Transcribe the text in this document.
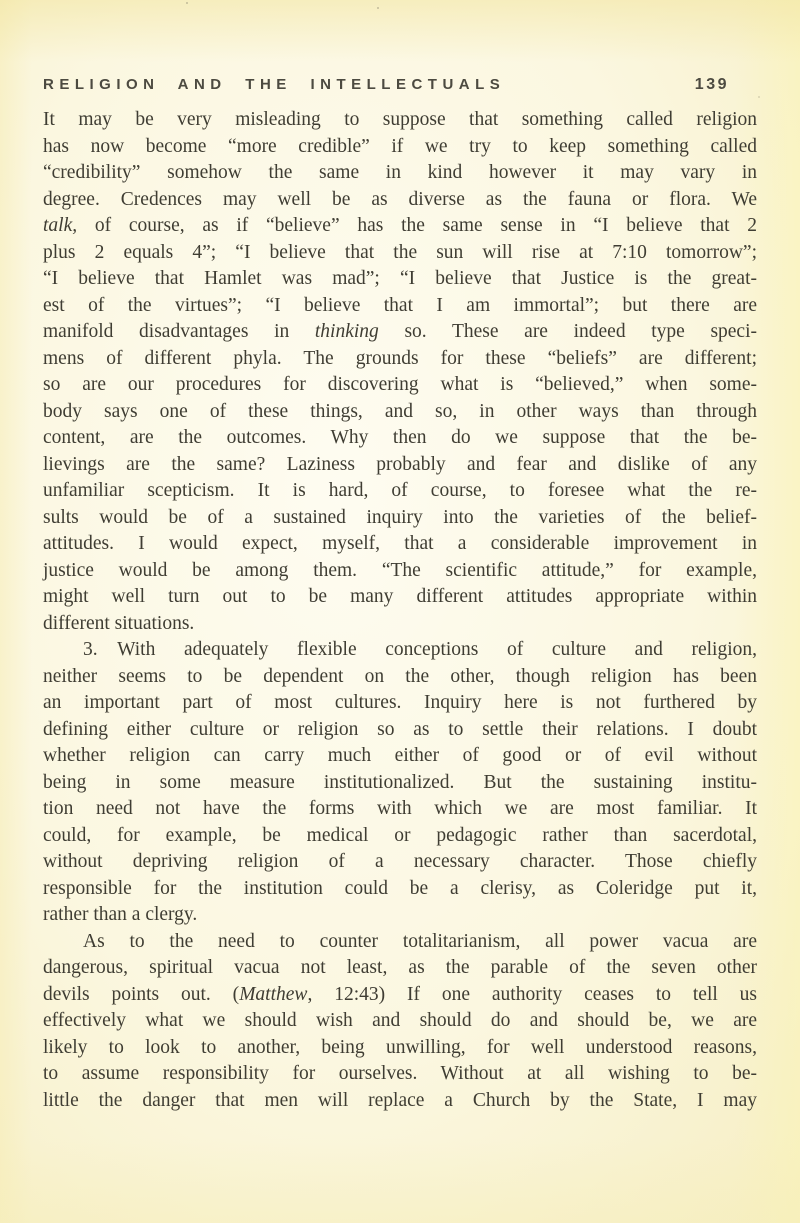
RELIGION AND THE INTELLECTUALS	139
It may be very misleading to suppose that something called religion
has now become “more credible” if we try to keep something called
“credibility” somehow the same in kind however it may vary in
degree. Credences may well be as diverse as the fauna or flora. We
talk, of course, as if “believe” has the same sense in “I believe that 2
plus 2 equals 4”; “I believe that the sun will rise at 7:10 tomorrow”;
“I believe that Hamlet was mad”; “I believe that Justice is the great-
est of the virtues”; “I believe that I am immortal”; but there are
manifold disadvantages in thinking so. These are indeed type speci-
mens of different phyla. The grounds for these “beliefs” are different;
so are our procedures for discovering what is “believed,” when some-
body says one of these things, and so, in other ways than through
content, are the outcomes. Why then do we suppose that the be-
lievings are the same? Laziness probably and fear and dislike of any
unfamiliar scepticism. It is hard, of course, to foresee what the re-
sults would be of a sustained inquiry into the varieties of the belief-
attitudes. I would expect, myself, that a considerable improvement in
justice would be among them. “The scientific attitude,” for example,
might well turn out to be many different attitudes appropriate within
different situations.
3. With adequately flexible conceptions of culture and religion,
neither seems to be dependent on the other, though religion has been
an important part of most cultures. Inquiry here is not furthered by
defining either culture or religion so as to settle their relations. I doubt
whether religion can carry much either of good or of evil without
being in some measure institutionalized. But the sustaining institu-
tion need not have the forms with which we are most familiar. It
could, for example, be medical or pedagogic rather than sacerdotal,
without depriving religion of a necessary character. Those chiefly
responsible for the institution could be a clerisy, as Coleridge put it,
rather than a clergy.
As to the need to counter totalitarianism, all power vacua are
dangerous, spiritual vacua not least, as the parable of the seven other
devils points out. (Matthew, 12:43) If one authority ceases to tell us
effectively what we should wish and should do and should be, we are
likely to look to another, being unwilling, for well understood reasons,
to assume responsibility for ourselves. Without at all wishing to be-
little the danger that men will replace a Church by the State, I may
